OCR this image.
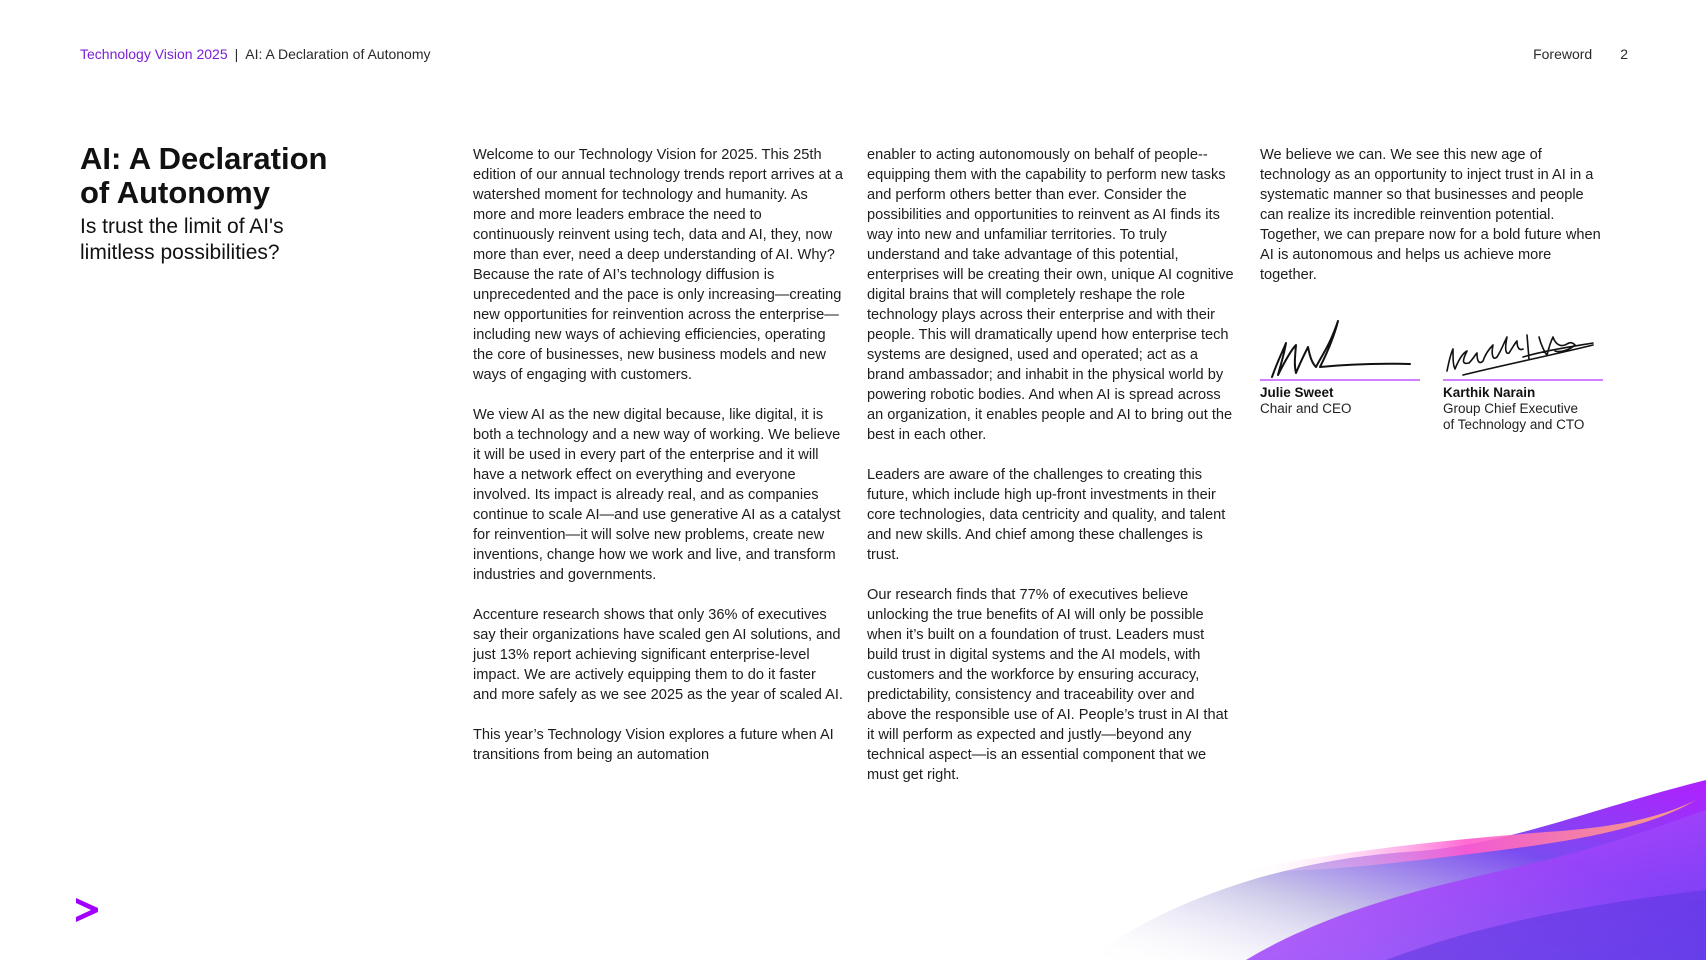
Technology Vision 2025 | AI: A Declaration of Autonomy	Foreword 2
AI: A Declaration
of Autonomy

Is trust the limit of AI's
limitless possibilities?

Welcome to our Technology Vision for 2025. This 25th edition of our annual technology trends report arrives at a watershed moment for technology and humanity. As more and more leaders embrace the need to continuously reinvent using tech, data and AI, they, now more than ever, need a deep understanding of AI. Why? Because the rate of AI’s technology diffusion is unprecedented and the pace is only increasing—creating new opportunities for reinvention across the enterprise—including new ways of achieving efficiencies, operating the core of businesses, new business models and new ways of engaging with customers.

We view AI as the new digital because, like digital, it is both a technology and a new way of working. We believe it will be used in every part of the enterprise and it will have a network effect on everything and everyone involved. Its impact is already real, and as companies continue to scale AI—and use generative AI as a catalyst for reinvention—it will solve new problems, create new inventions, change how we work and live, and transform industries and governments.

Accenture research shows that only 36% of executives say their organizations have scaled gen AI solutions, and just 13% report achieving significant enterprise-level impact. We are actively equipping them to do it faster and more safely as we see 2025 as the year of scaled AI.

This year’s Technology Vision explores a future when AI transitions from being an automation

enabler to acting autonomously on behalf of people--equipping them with the capability to perform new tasks and perform others better than ever. Consider the possibilities and opportunities to reinvent as AI finds its way into new and unfamiliar territories. To truly understand and take advantage of this potential, enterprises will be creating their own, unique AI cognitive digital brains that will completely reshape the role technology plays across their enterprise and with their people. This will dramatically upend how enterprise tech systems are designed, used and operated; act as a brand ambassador; and inhabit in the physical world by powering robotic bodies. And when AI is spread across an organization, it enables people and AI to bring out the best in each other.

Leaders are aware of the challenges to creating this future, which include high up-front investments in their core technologies, data centricity and quality, and talent and new skills. And chief among these challenges is trust.

Our research finds that 77% of executives believe unlocking the true benefits of AI will only be possible when it’s built on a foundation of trust. Leaders must build trust in digital systems and the AI models, with customers and the workforce by ensuring accuracy, predictability, consistency and traceability over and above the responsible use of AI. People’s trust in AI that it will perform as expected and justly—beyond any technical aspect—is an essential component that we must get right.

We believe we can. We see this new age of technology as an opportunity to inject trust in AI in a systematic manner so that businesses and people can realize its incredible reinvention potential. Together, we can prepare now for a bold future when AI is autonomous and helps us achieve more together.

Julie Sweet
Chair and CEO
Karthik Narain
Group Chief Executive
of Technology and CTO
